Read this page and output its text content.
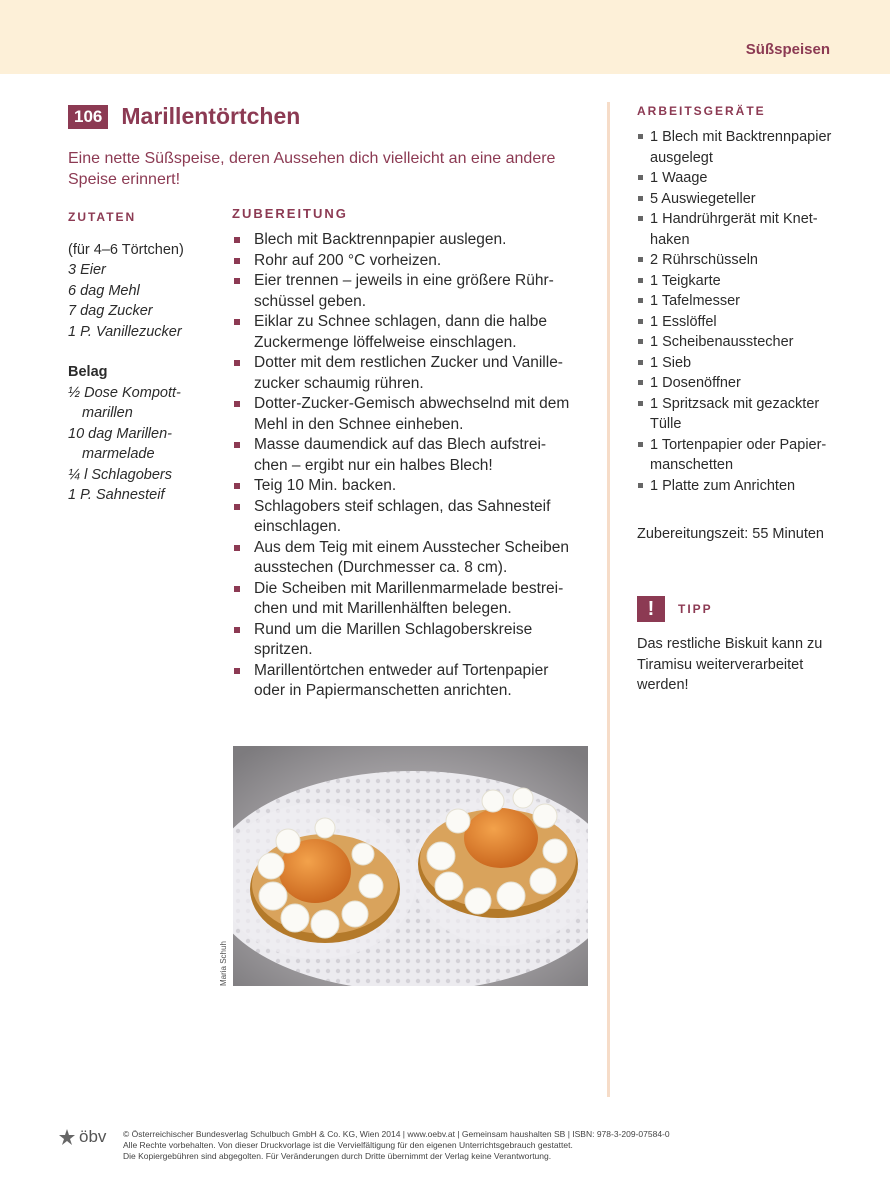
Süßspeisen
106 Marillentörtchen
Eine nette Süßspeise, deren Aussehen dich vielleicht an eine andere Speise erinnert!
ZUTATEN
(für 4–6 Törtchen)
3 Eier
6 dag Mehl
7 dag Zucker
1 P. Vanillezucker
Belag
½ Dose Kompott-
marillen
10 dag Marillen-
marmelade
¼ l Schlagobers
1 P. Sahnesteif
ZUBEREITUNG
Blech mit Backtrennpapier auslegen.
Rohr auf 200 °C vorheizen.
Eier trennen – jeweils in eine größere Rühr-
schüssel geben.
Eiklar zu Schnee schlagen, dann die halbe
Zuckermenge löffelweise einschlagen.
Dotter mit dem restlichen Zucker und Vanille-
zucker schaumig rühren.
Dotter-Zucker-Gemisch abwechselnd mit dem
Mehl in den Schnee einheben.
Masse daumendick auf das Blech aufstrei-
chen – ergibt nur ein halbes Blech!
Teig 10 Min. backen.
Schlagobers steif schlagen, das Sahnesteif
einschlagen.
Aus dem Teig mit einem Ausstecher Scheiben
ausstechen (Durchmesser ca. 8 cm).
Die Scheiben mit Marillenmarmelade bestrei-
chen und mit Marillenhälften belegen.
Rund um die Marillen Schlagoberskreise
spritzen.
Marillentörtchen entweder auf Tortenpapier
oder in Papiermanschetten anrichten.
Maria Schuh
ARBEITSGERÄTE
1 Blech mit Backtrennpapier
ausgelegt
1 Waage
5 Auswiegeteller
1 Handrührgerät mit Knet-
haken
2 Rührschüsseln
1 Teigkarte
1 Tafelmesser
1 Esslöffel
1 Scheibenausstecher
1 Sieb
1 Dosenöffner
1 Spritzsack mit gezackter
Tülle
1 Tortenpapier oder Papier-
manschetten
1 Platte zum Anrichten
Zubereitungszeit: 55 Minuten
!	TIPP
Das restliche Biskuit kann zu
Tiramisu weiterverarbeitet
werden!
öbv © Österreichischer Bundesverlag Schulbuch GmbH & Co. KG, Wien 2014 | www.oebv.at | Gemeinsam haushalten SB | ISBN: 978-3-209-07584-0
Alle Rechte vorbehalten. Von dieser Druckvorlage ist die Vervielfältigung für den eigenen Unterrichtsgebrauch gestattet.
Die Kopiergebühren sind abgegolten. Für Veränderungen durch Dritte übernimmt der Verlag keine Verantwortung.
